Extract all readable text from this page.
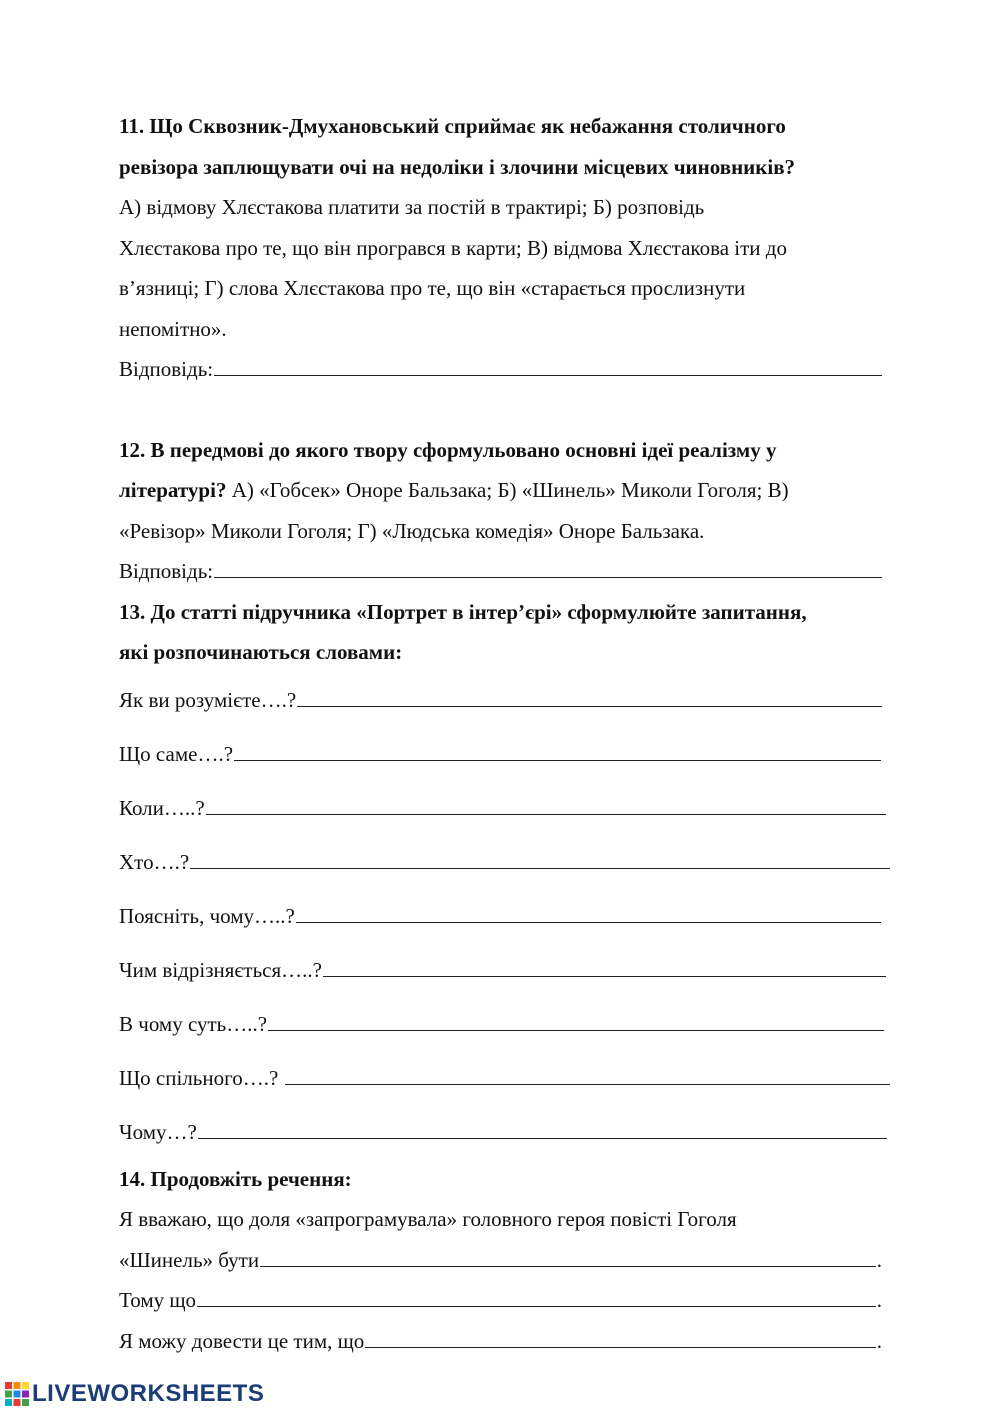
11. Що Сквозник-Дмухановський сприймає як небажання столичного
ревізора заплющувати очі на недоліки і злочини місцевих чиновників?
А) відмову Хлєстакова платити за постій в трактирі; Б) розповідь
Хлєстакова про те, що він програвся в карти; В) відмова Хлєстакова іти до
в’язниці; Г) слова Хлєстакова про те, що він «старається прослизнути
непомітно».
Відповідь:
12. В передмові до якого твору сформульовано основні ідеї реалізму у
літературі? А) «Гобсек» Оноре Бальзака; Б) «Шинель» Миколи Гоголя; В)
«Ревізор» Миколи Гоголя; Г) «Людська комедія» Оноре Бальзака.
Відповідь:
13. До статті підручника «Портрет в інтер’єрі» сформулюйте запитання,
які розпочинаються словами:
Як ви розумієте….?
Що саме….?
Коли…..?
Хто….?
Поясніть, чому…..?
Чим відрізняється…..?
В чому суть…..?
Що спільного….?
Чому…?
14. Продовжіть речення:
Я вважаю, що доля «запрограмувала» головного героя повісті Гоголя
«Шинель» бути	.
Тому що	.
Я можу довести це тим, що	.
LIVEWORKSHEETS
